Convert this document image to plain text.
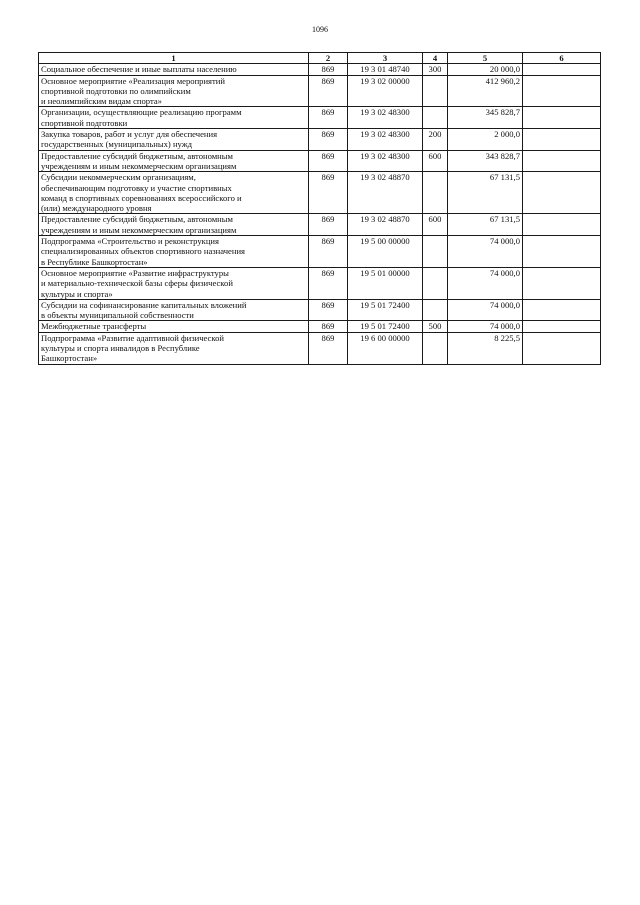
1096
1	2	3	4	5	6
Социальное обеспечение и иные выплаты населению	869	19 3 01 48740	300	20 000,0	
Основное мероприятие «Реализация мероприятий
спортивной подготовки по олимпийским
и неолимпийским видам спорта»	869	19 3 02 00000		412 960,2	
Организации, осуществляющие реализацию программ
спортивной подготовки	869	19 3 02 48300		345 828,7	
Закупка товаров, работ и услуг для обеспечения
государственных (муниципальных) нужд	869	19 3 02 48300	200	2 000,0	
Предоставление субсидий бюджетным, автономным
учреждениям и иным некоммерческим организациям	869	19 3 02 48300	600	343 828,7	
Субсидии некоммерческим организациям,
обеспечивающим подготовку и участие спортивных
команд в спортивных соревнованиях всероссийского и
(или) международного уровня	869	19 3 02 48870		67 131,5	
Предоставление субсидий бюджетным, автономным
учреждениям и иным некоммерческим организациям	869	19 3 02 48870	600	67 131,5	
Подпрограмма «Строительство и реконструкция
специализированных объектов спортивного назначения
в Республике Башкортостан»	869	19 5 00 00000		74 000,0	
Основное мероприятие «Развитие инфраструктуры
и материально-технической базы сферы физической
культуры и спорта»	869	19 5 01 00000		74 000,0	
Субсидии на софинансирование капитальных вложений
в объекты муниципальной собственности	869	19 5 01 72400		74 000,0	
Межбюджетные трансферты	869	19 5 01 72400	500	74 000,0	
Подпрограмма «Развитие адаптивной физической
культуры и спорта инвалидов в Республике
Башкортостан»	869	19 6 00 00000		8 225,5	
